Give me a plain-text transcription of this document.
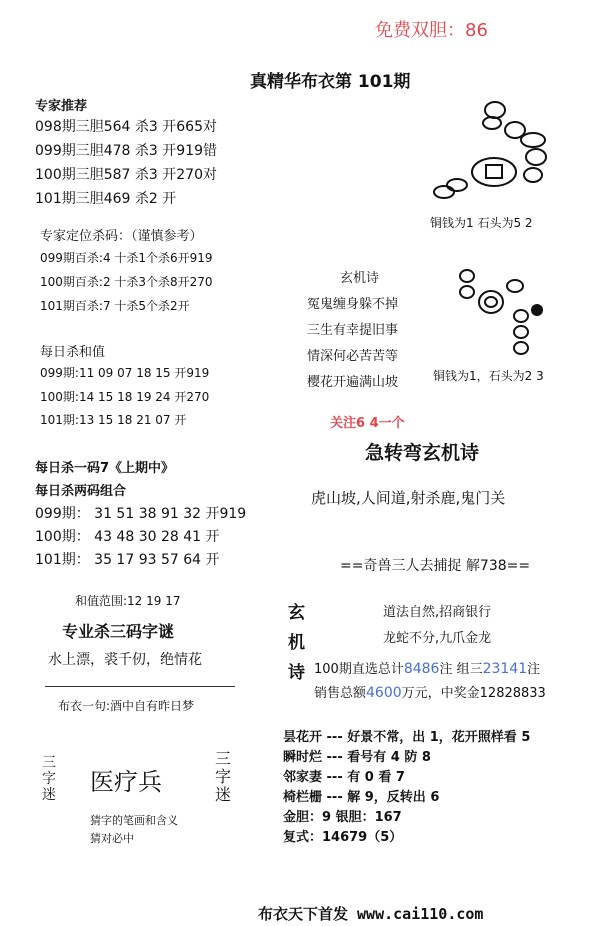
免费双胆：86
真精华布衣第 101期
专家推荐
098期三胆564 杀3 开665对
099期三胆478 杀3 开919错
100期三胆587 杀3 开270对
101期三胆469 杀2 开
专家定位杀码：（谨慎参考）
099期百杀:4 十杀1个杀6开919
100期百杀:2 十杀3个杀8开270
101期百杀:7 十杀5个杀2开
每日杀和值
099期:11 09 07 18 15 开919
100期:14 15 18 19 24 开270
101期:13 15 18 21 07 开
每日杀一码7《上期中》
每日杀两码组合
099期： 31 51 38 91 32 开919
100期： 43 48 30 28 41 开
101期： 35 17 93 57 64 开
和值范围:12 19 17
专业杀三码字谜
水上漂，裘千仞，绝情花
布衣一句:酒中自有昨日梦
三字迷 医疗兵
三字迷
猜字的笔画和含义
猜对必中
铜钱为1 石头为5 2
玄机诗
冤鬼缠身躲不掉
三生有幸提旧事
情深何必苦苦等
樱花开遍满山坡	铜钱为1，石头为2 3
关注6 4一个
急转弯玄机诗
虎山坡,人间道,射杀鹿,鬼门关
==奇兽三人去捕捉 解738==
玄
机
诗
道法自然,招商银行
龙蛇不分,九爪金龙
100期直选总计8486注 组三23141注
销售总额4600万元，中奖金12828833
昙花开 --- 好景不常，出 1，花开照样看 5
瞬时烂 --- 看号有 4 防 8
邻家妻 --- 有 0 看 7
椅栏栅 --- 解 9，反转出 6
金胆：9 银胆：167
复式：14679（5）
布衣天下首发 www.cai110.com
